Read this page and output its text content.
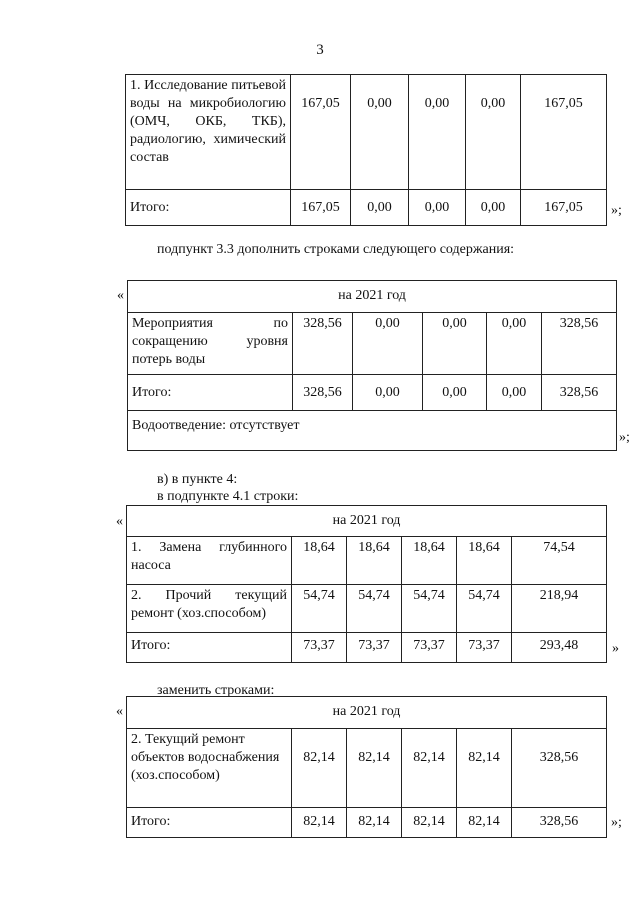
3
1. Исследование питьевой воды на микробиологию (ОМЧ, ОКБ, ТКБ), радиологию, химический состав	167,05	0,00	0,00	0,00	167,05
Итого:	167,05	0,00	0,00	0,00	167,05 »;
подпункт 3.3 дополнить строками следующего содержания:
«	на 2021 год					
Мероприятия по сокращению уровня потерь воды	328,56	0,00	0,00	0,00	328,56
Итого:	328,56	0,00	0,00	0,00	328,56
Водоотведение: отсутствует					
»;
в) в пункте 4:
в подпункте 4.1 строки:
«	на 2021 год					
1. Замена глубинного насоса	18,64	18,64	18,64	18,64	74,54
2. Прочий текущий ремонт (хоз.способом)	54,74	54,74	54,74	54,74	218,94
Итого:	73,37	73,37	73,37	73,37	293,48 »
заменить строками:
«	на 2021 год					
2. Текущий ремонт объектов водоснабжения (хоз.способом)	82,14	82,14	82,14	82,14	328,56
Итого:	82,14	82,14	82,14	82,14	328,56 »;
